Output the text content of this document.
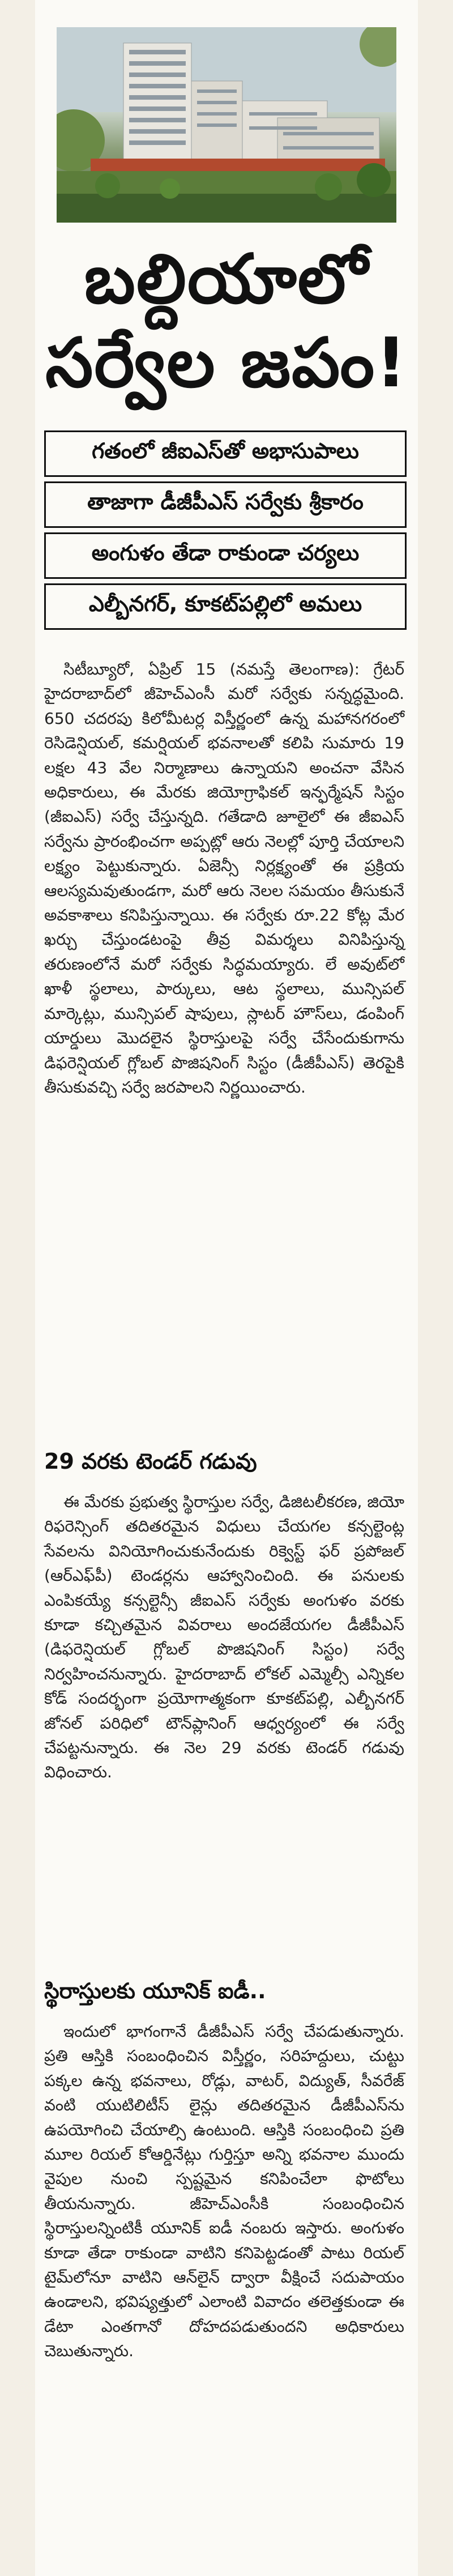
బల్దియాలో
సర్వేల జపం!
గతంలో జీఐఎస్‌తో అభాసుపాలు
తాజాగా డీజీపీఎస్ సర్వేకు శ్రీకారం
అంగుళం తేడా రాకుండా చర్యలు
ఎల్బీనగర్, కూకట్‌పల్లిలో అమలు

సిటీబ్యూరో, ఏప్రిల్ 15 (నమస్తే తెలంగాణ): గ్రేటర్ హైదరాబాద్‌లో జీహెచ్ఎంసీ మరో సర్వేకు సన్నద్ధమైంది. 650 చదరపు కిలోమీటర్ల విస్తీర్ణంలో ఉన్న మహానగరంలో రెసిడెన్షియల్, కమర్షియల్ భవనాలతో కలిపి సుమారు 19 లక్షల 43 వేల నిర్మాణాలు ఉన్నాయని అంచనా వేసిన అధికారులు, ఈ మేరకు జియోగ్రాఫికల్ ఇన్ఫర్మేషన్ సిస్టం (జీఐఎస్) సర్వే చేస్తున్నది. గతేడాది జూలైలో ఈ జీఐఎస్ సర్వేను ప్రారంభించగా అప్పట్లో ఆరు నెలల్లో పూర్తి చేయాలని లక్ష్యం పెట్టుకున్నారు. ఏజెన్సీ నిర్లక్ష్యంతో ఈ ప్రక్రియ ఆలస్యమవుతుండగా, మరో ఆరు నెలల సమయం తీసుకునే అవకాశాలు కనిపిస్తున్నాయి. ఈ సర్వేకు రూ.22 కోట్ల మేర ఖర్చు చేస్తుండటంపై తీవ్ర విమర్శలు వినిపిస్తున్న తరుణంలోనే మరో సర్వేకు సిద్ధమయ్యారు. లే అవుట్‌లో ఖాళీ స్థలాలు, పార్కులు, ఆట స్థలాలు, మున్సిపల్ మార్కెట్లు, మున్సిపల్ షాపులు, స్లాటర్ హౌస్‌లు, డంపింగ్ యార్డులు మొదలైన స్థిరాస్తులపై సర్వే చేసేందుకుగాను డిఫరెన్షియల్ గ్లోబల్ పొజిషనింగ్ సిస్టం (డీజీపీఎస్) తెరపైకి తీసుకువచ్చి సర్వే జరపాలని నిర్ణయించారు.

29 వరకు టెండర్ గడువు

ఈ మేరకు ప్రభుత్వ స్థిరాస్తుల సర్వే, డిజిటలీకరణ, జియో రిఫరెన్సింగ్ తదితరమైన విధులు చేయగల కన్సల్టెంట్ల సేవలను వినియోగించుకునేందుకు రిక్వెస్ట్ ఫర్ ప్రపోజల్ (ఆర్ఎఫ్‌పీ) టెండర్లను ఆహ్వానించింది. ఈ పనులకు ఎంపికయ్యే కన్సల్టెన్సీ జీఐఎస్ సర్వేకు అంగుళం వరకు కూడా కచ్చితమైన వివరాలు అందజేయగల డీజీపీఎస్ (డిఫరెన్షియల్ గ్లోబల్ పొజిషనింగ్ సిస్టం) సర్వే నిర్వహించనున్నారు. హైదరాబాద్ లోకల్ ఎమ్మెల్సీ ఎన్నికల కోడ్ సందర్భంగా ప్రయోగాత్మకంగా కూకట్‌పల్లి, ఎల్బీనగర్ జోనల్ పరిధిలో టౌన్‌ప్లానింగ్ ఆధ్వర్యంలో ఈ సర్వే చేపట్టనున్నారు. ఈ నెల 29 వరకు టెండర్ గడువు విధించారు.

స్థిరాస్తులకు యూనిక్ ఐడీ..

ఇందులో భాగంగానే డీజీపీఎస్ సర్వే చేపడుతున్నారు. ప్రతి ఆస్తికి సంబంధించిన విస్తీర్ణం, సరిహద్దులు, చుట్టు పక్కల ఉన్న భవనాలు, రోడ్లు, వాటర్, విద్యుత్, సీవరేజ్ వంటి యుటిలిటీస్ లైన్లు తదితరమైన డీజీపీఎస్‌ను ఉపయోగించి చేయాల్సి ఉంటుంది. ఆస్తికి సంబంధించి ప్రతి మూల రియల్ కోఆర్డినేట్లు గుర్తిస్తూ అన్ని భవనాల ముందు వైపుల నుంచి స్పష్టమైన కనిపించేలా ఫొటోలు తీయనున్నారు. జీహెచ్ఎంసీకి సంబంధించిన స్థిరాస్తులన్నింటికీ యూనిక్ ఐడీ నంబరు ఇస్తారు. అంగుళం కూడా తేడా రాకుండా వాటిని కనిపెట్టడంతో పాటు రియల్ టైమ్‌లోనూ వాటిని ఆన్‌లైన్ ద్వారా వీక్షించే సదుపాయం ఉండాలని, భవిష్యత్తులో ఎలాంటి వివాదం తలెత్తకుండా ఈ డేటా ఎంతగానో దోహదపడుతుందని అధికారులు చెబుతున్నారు.
